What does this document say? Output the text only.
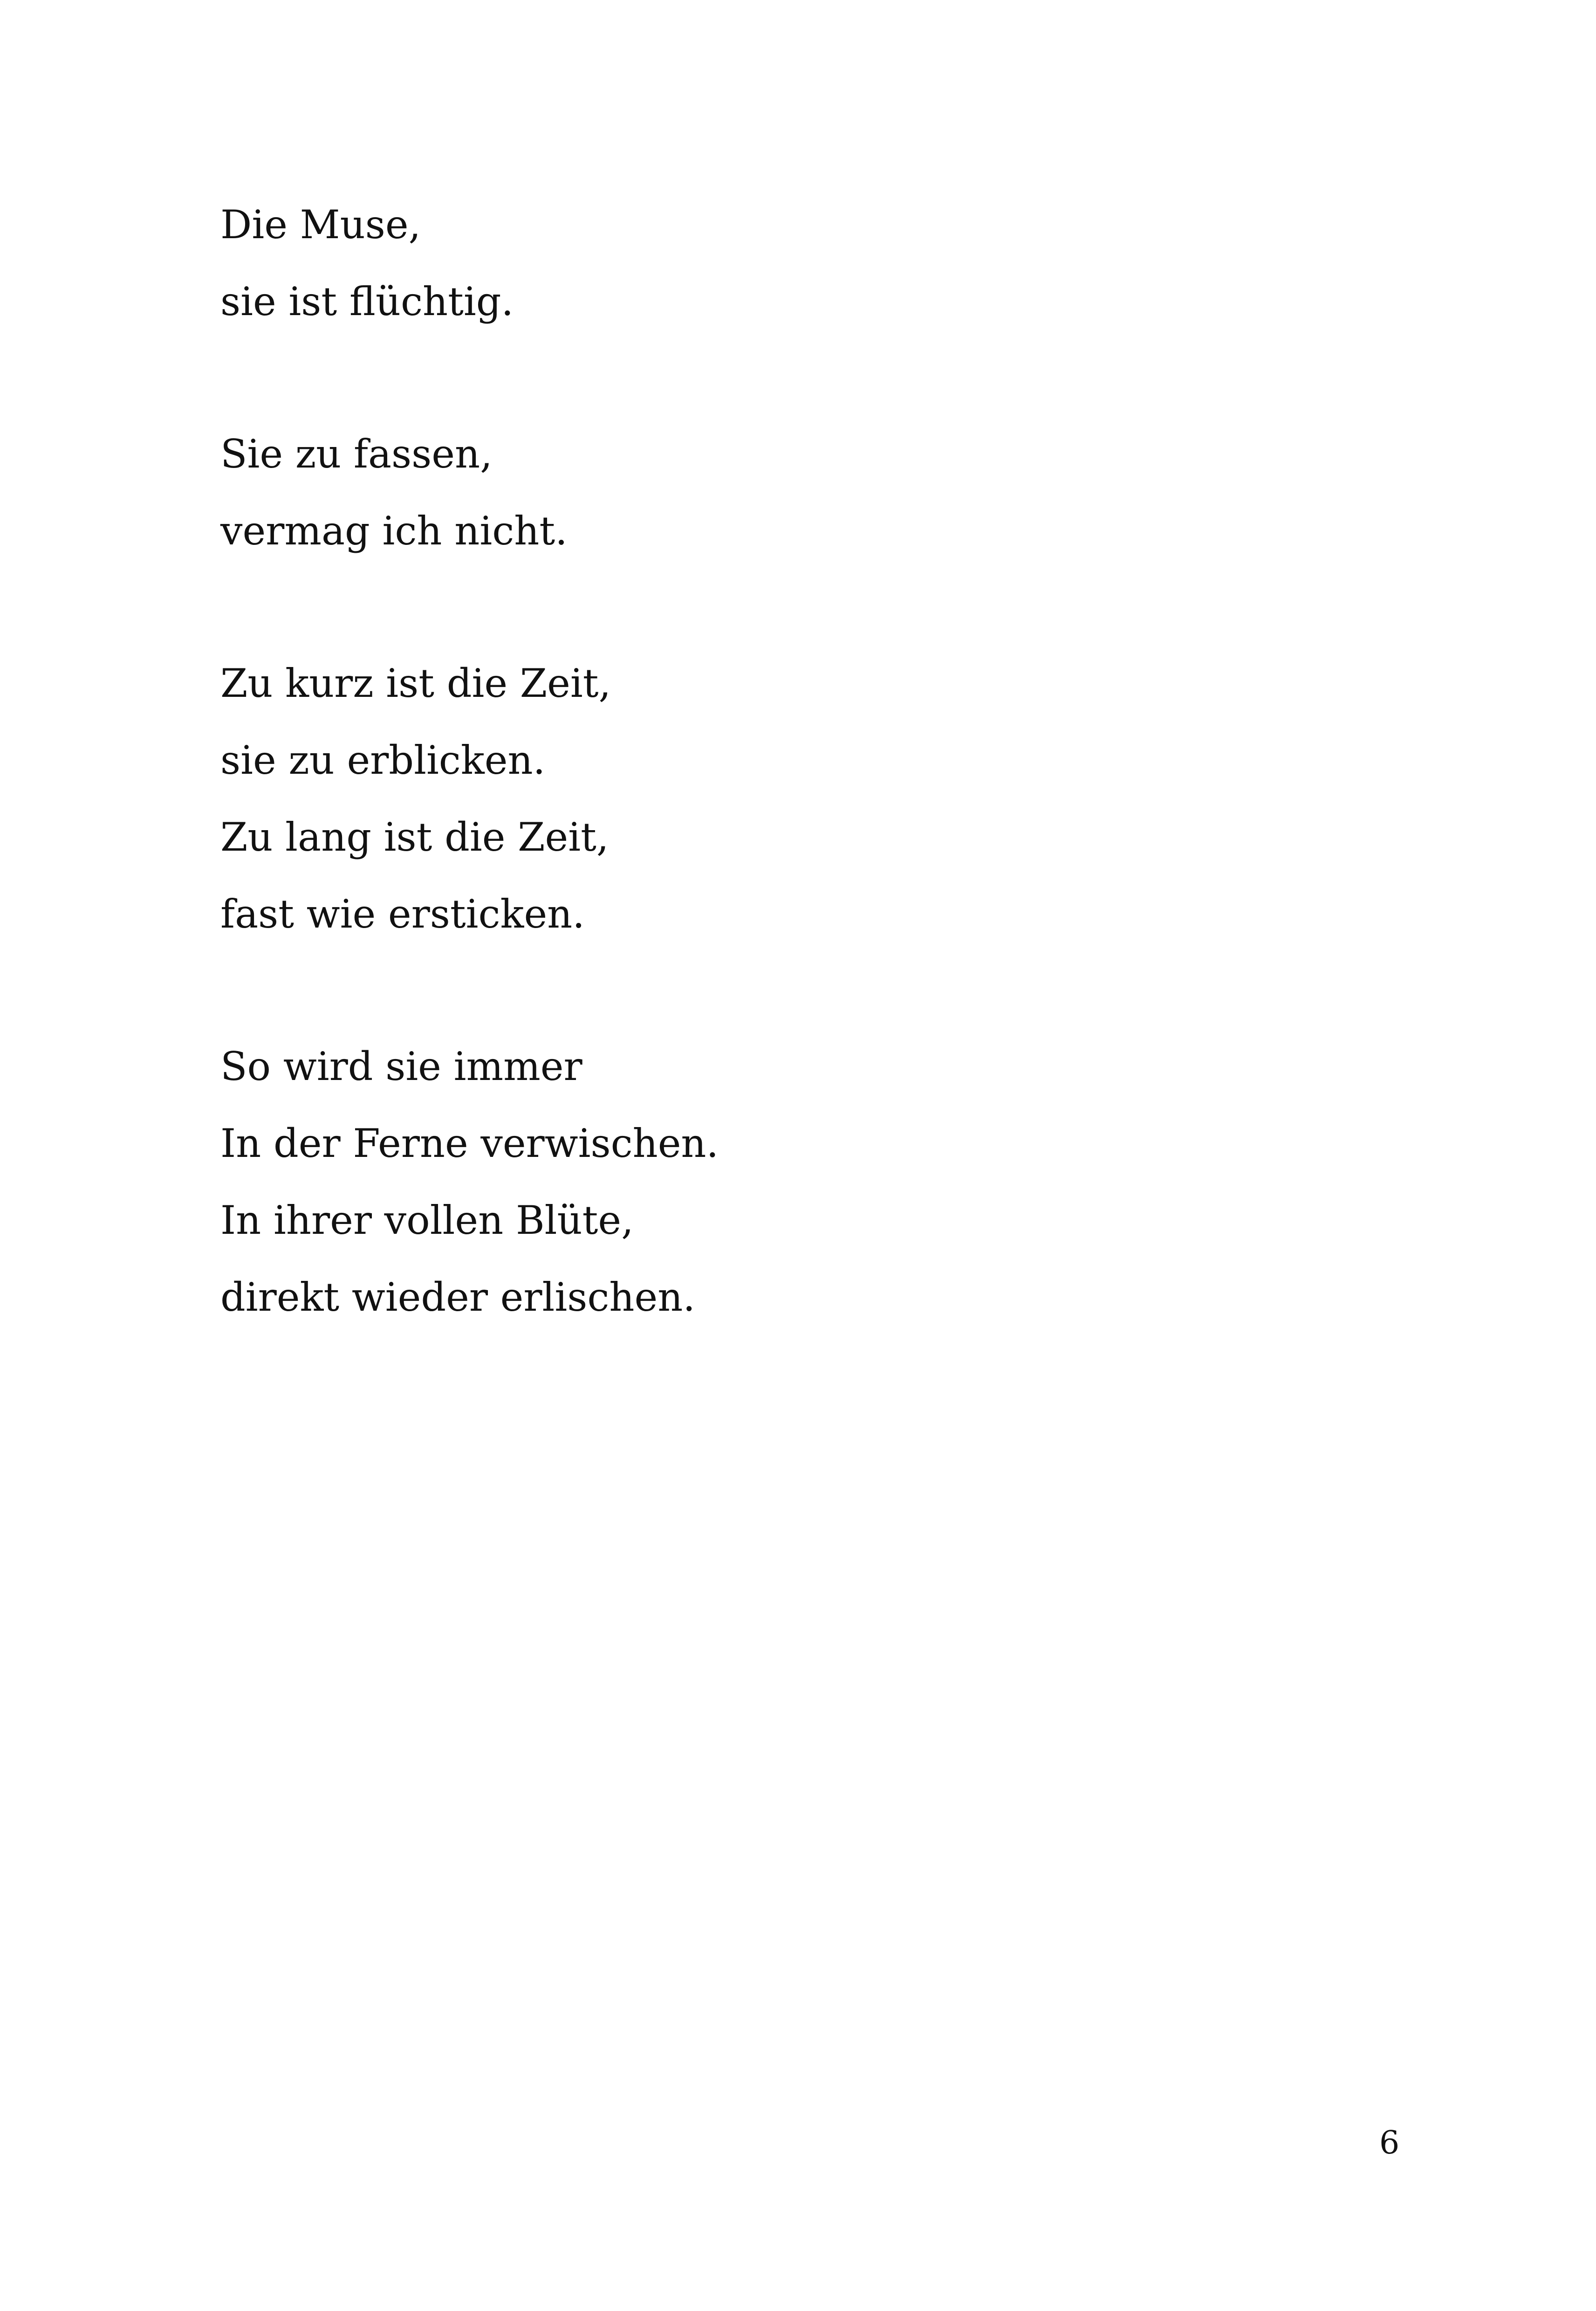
Die Muse,
sie ist flüchtig.
Sie zu fassen,
vermag ich nicht.
Zu kurz ist die Zeit,
sie zu erblicken.
Zu lang ist die Zeit,
fast wie ersticken.
So wird sie immer
In der Ferne verwischen.
In ihrer vollen Blüte,
direkt wieder erlischen.
6
